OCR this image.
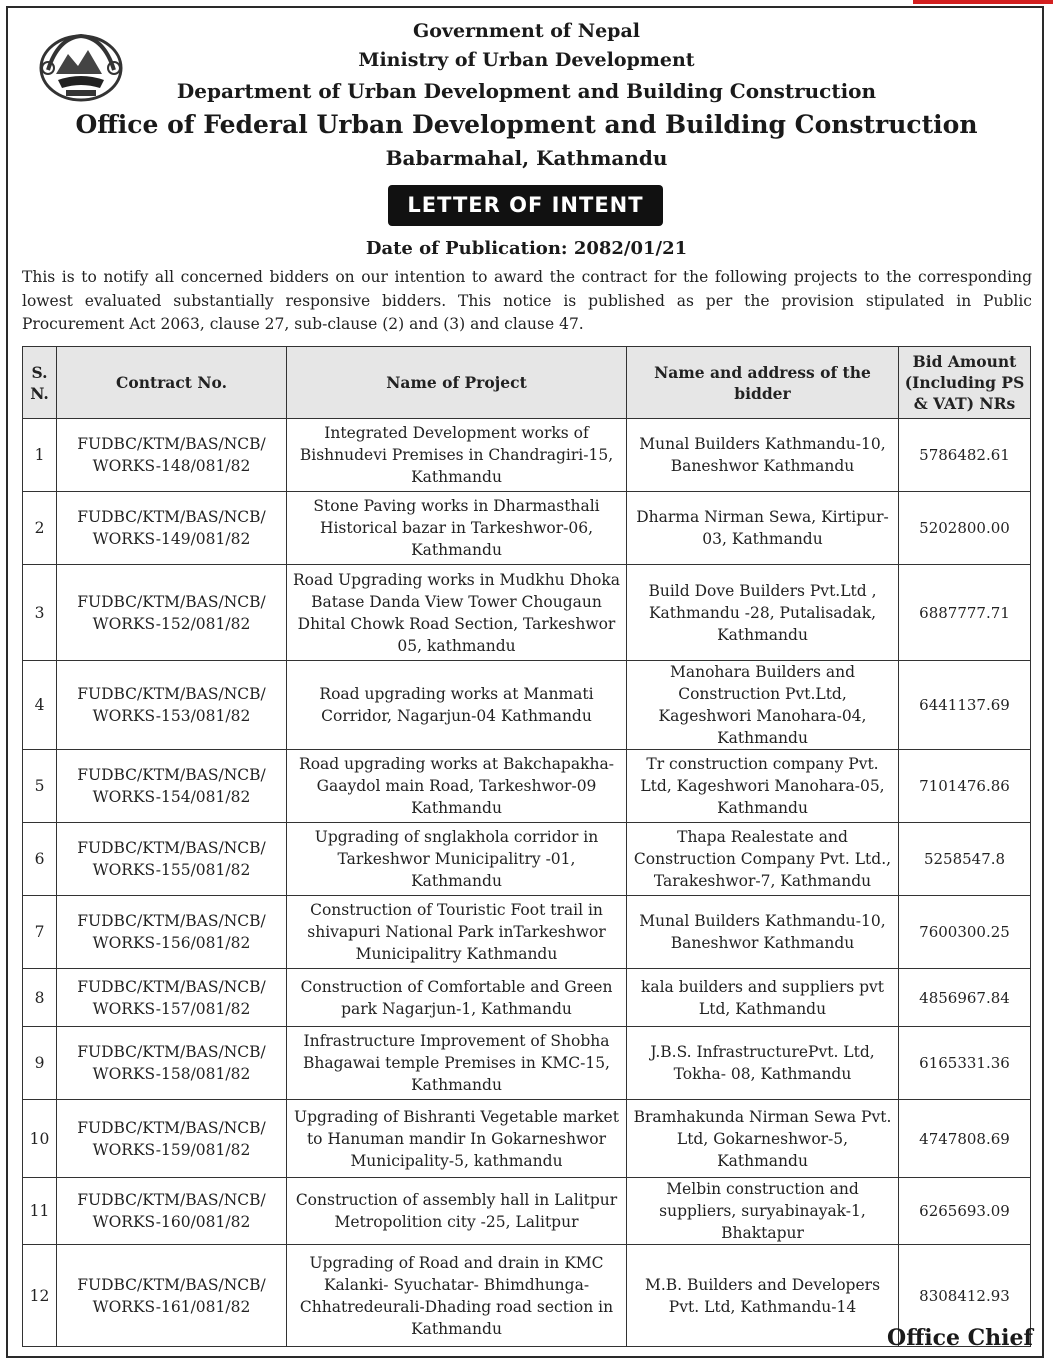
Government of Nepal
Ministry of Urban Development
Department of Urban Development and Building Construction
Office of Federal Urban Development and Building Construction
Babarmahal, Kathmandu
LETTER OF INTENT
Date of Publication: 2082/01/21
This is to notify all concerned bidders on our intention to award the contract for the following projects to the corresponding lowest evaluated substantially responsive bidders. This notice is published as per the provision stipulated in Public Procurement Act 2063, clause 27, sub-clause (2) and (3) and clause 47.
S. N.	Contract No.	Name of Project	Name and address of the bidder	Bid Amount (Including PS & VAT) NRs
1	FUDBC/KTM/BAS/NCB/ WORKS-148/081/82	Integrated Development works of Bishnudevi Premises in Chandragiri-15, Kathmandu	Munal Builders Kathmandu-10, Baneshwor Kathmandu	5786482.61
2	FUDBC/KTM/BAS/NCB/ WORKS-149/081/82	Stone Paving works in Dharmasthali Historical bazar in Tarkeshwor-06, Kathmandu	Dharma Nirman Sewa, Kirtipur-03, Kathmandu	5202800.00
3	FUDBC/KTM/BAS/NCB/ WORKS-152/081/82	Road Upgrading works in Mudkhu Dhoka Batase Danda View Tower Chougaun Dhital Chowk Road Section, Tarkeshwor 05, kathmandu	Build Dove Builders Pvt.Ltd , Kathmandu -28, Putalisadak, Kathmandu	6887777.71
4	FUDBC/KTM/BAS/NCB/ WORKS-153/081/82	Road upgrading works at Manmati Corridor, Nagarjun-04 Kathmandu	Manohara Builders and Construction Pvt.Ltd, Kageshwori Manohara-04, Kathmandu	6441137.69
5	FUDBC/KTM/BAS/NCB/ WORKS-154/081/82	Road upgrading works at Bakchapakha-Gaaydol main Road, Tarkeshwor-09 Kathmandu	Tr construction company Pvt. Ltd, Kageshwori Manohara-05, Kathmandu	7101476.86
6	FUDBC/KTM/BAS/NCB/ WORKS-155/081/82	Upgrading of snglakhola corridor in Tarkeshwor Municipalitry -01, Kathmandu	Thapa Realestate and Construction Company Pvt. Ltd., Tarakeshwor-7, Kathmandu	5258547.8
7	FUDBC/KTM/BAS/NCB/ WORKS-156/081/82	Construction of Touristic Foot trail in shivapuri National Park inTarkeshwor Municipalitry Kathmandu	Munal Builders Kathmandu-10, Baneshwor Kathmandu	7600300.25
8	FUDBC/KTM/BAS/NCB/ WORKS-157/081/82	Construction of Comfortable and Green park Nagarjun-1, Kathmandu	kala builders and suppliers pvt Ltd, Kathmandu	4856967.84
9	FUDBC/KTM/BAS/NCB/ WORKS-158/081/82	Infrastructure Improvement of Shobha Bhagawai temple Premises in KMC-15, Kathmandu	J.B.S. InfrastructurePvt. Ltd, Tokha- 08, Kathmandu	6165331.36
10	FUDBC/KTM/BAS/NCB/ WORKS-159/081/82	Upgrading of Bishranti Vegetable market to Hanuman mandir In Gokarneshwor Municipality-5, kathmandu	Bramhakunda Nirman Sewa Pvt. Ltd, Gokarneshwor-5, Kathmandu	4747808.69
11	FUDBC/KTM/BAS/NCB/ WORKS-160/081/82	Construction of assembly hall in Lalitpur Metropolition city -25, Lalitpur	Melbin construction and suppliers, suryabinayak-1, Bhaktapur	6265693.09
12	FUDBC/KTM/BAS/NCB/ WORKS-161/081/82	Upgrading of Road and drain in KMC Kalanki- Syuchatar- Bhimdhunga-Chhatredeurali-Dhading road section in Kathmandu	M.B. Builders and Developers Pvt. Ltd, Kathmandu-14	8308412.93
Office Chief
